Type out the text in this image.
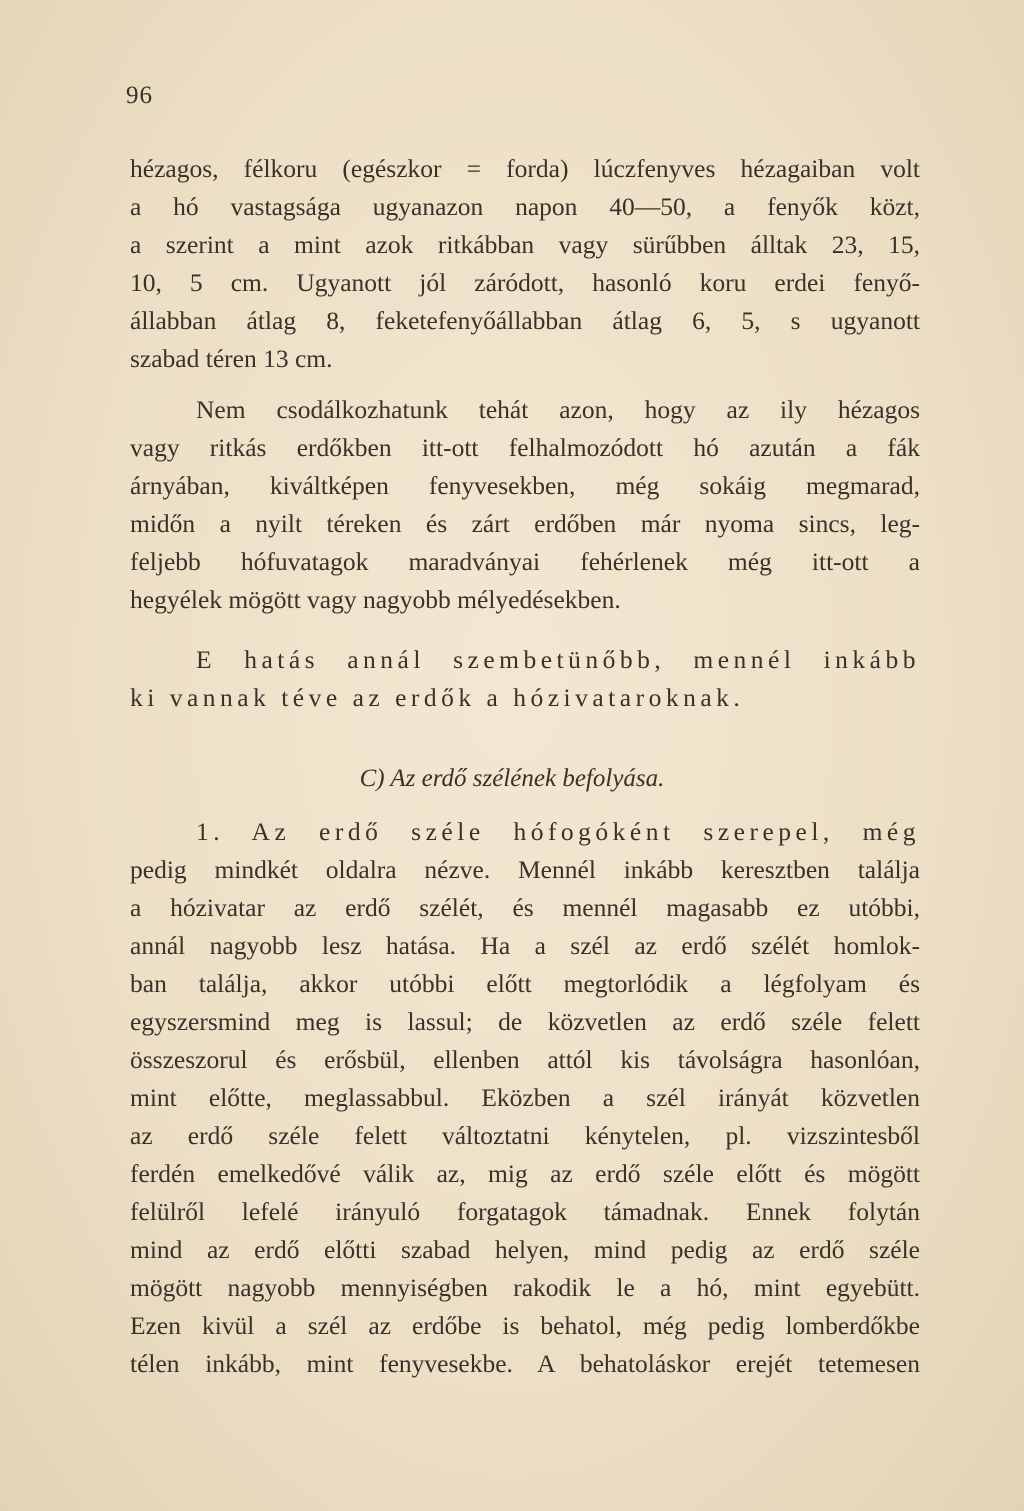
96
hézagos, félkoru (egészkor = forda) lúczfenyves hézagaiban volt
a hó vastagsága ugyanazon napon 40—50, a fenyők közt,
a szerint a mint azok ritkábban vagy sürűbben álltak 23, 15,
10, 5 cm. Ugyanott jól záródott, hasonló koru erdei fenyő-
állabban átlag 8, feketefenyőállabban átlag 6, 5, s ugyanott
szabad téren 13 cm.
Nem csodálkozhatunk tehát azon, hogy az ily hézagos
vagy ritkás erdőkben itt-ott felhalmozódott hó azután a fák
árnyában, kiváltképen fenyvesekben, még sokáig megmarad,
midőn a nyilt téreken és zárt erdőben már nyoma sincs, leg-
feljebb hófuvatagok maradványai fehérlenek még itt-ott a
hegyélek mögött vagy nagyobb mélyedésekben.
E hatás annál szembetünőbb, mennél inkább
ki vannak téve az erdők a hózivataroknak.
C) Az erdő szélének befolyása.
1. Az erdő széle hófogóként szerepel, még
pedig mindkét oldalra nézve. Mennél inkább keresztben találja
a hózivatar az erdő szélét, és mennél magasabb ez utóbbi,
annál nagyobb lesz hatása. Ha a szél az erdő szélét homlok-
ban találja, akkor utóbbi előtt megtorlódik a légfolyam és
egyszersmind meg is lassul; de közvetlen az erdő széle felett
összeszorul és erősbül, ellenben attól kis távolságra hasonlóan,
mint előtte, meglassabbul. Eközben a szél irányát közvetlen
az erdő széle felett változtatni kénytelen, pl. vizszintesből
ferdén emelkedővé válik az, mig az erdő széle előtt és mögött
felülről lefelé irányuló forgatagok támadnak. Ennek folytán
mind az erdő előtti szabad helyen, mind pedig az erdő széle
mögött nagyobb mennyiségben rakodik le a hó, mint egyebütt.
Ezen kivül a szél az erdőbe is behatol, még pedig lomberdőkbe
télen inkább, mint fenyvesekbe. A behatoláskor erejét tetemesen
